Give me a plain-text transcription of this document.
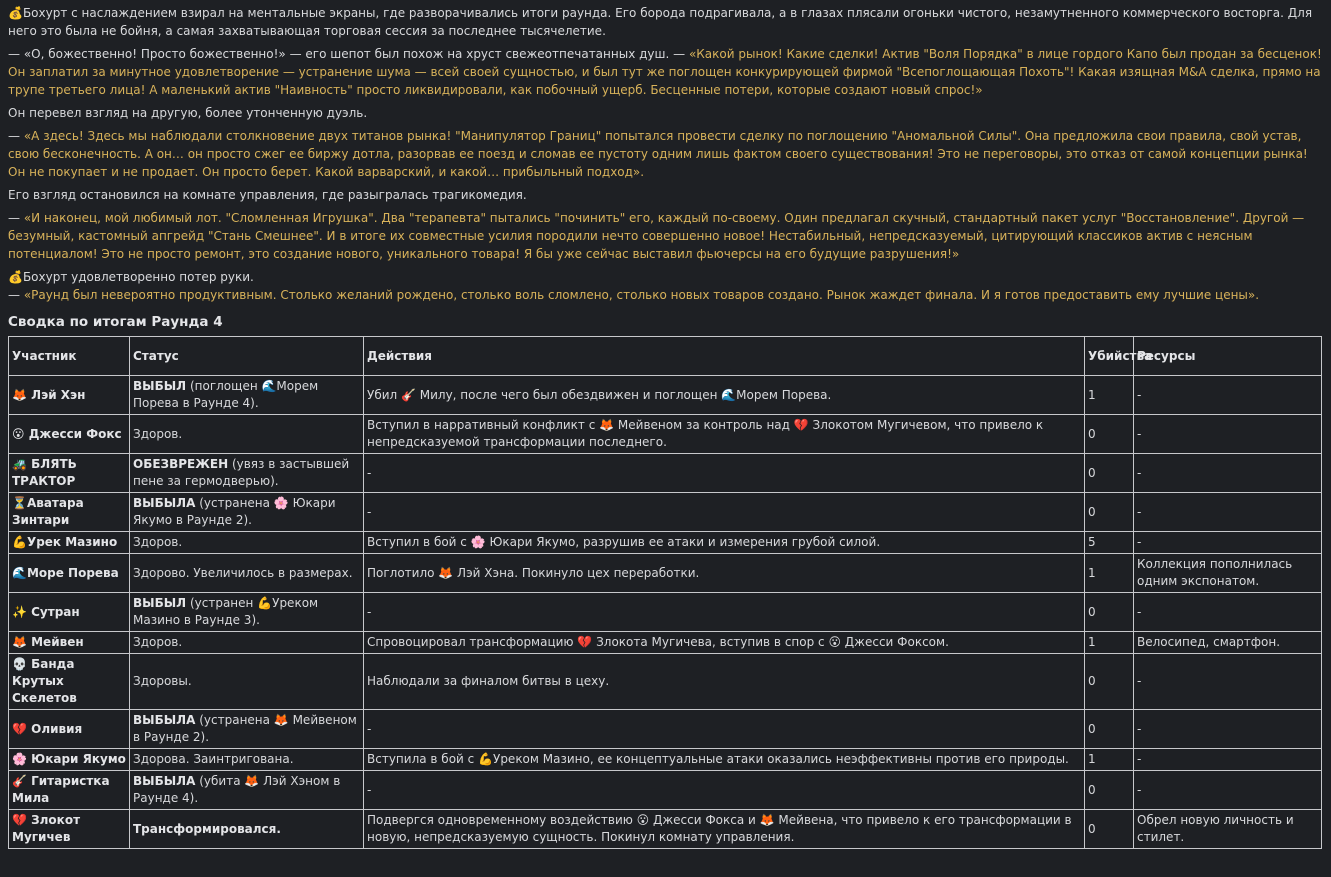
💰Бохурт с наслаждением взирал на ментальные экраны, где разворачивались итоги раунда. Его борода подрагивала, а в глазах плясали огоньки чистого, незамутненного коммерческого восторга. Для него это была не бойня, а самая захватывающая торговая сессия за последнее тысячелетие.

— «О, божественно! Просто божественно!» — его шепот был похож на хруст свежеотпечатанных душ. — «Какой рынок! Какие сделки! Актив "Воля Порядка" в лице гордого Капо был продан за бесценок! Он заплатил за минутное удовлетворение — устранение шума — всей своей сущностью, и был тут же поглощен конкурирующей фирмой "Всепоглощающая Похоть"! Какая изящная M&A сделка, прямо на трупе третьего лица! А маленький актив "Наивность" просто ликвидировали, как побочный ущерб. Бесценные потери, которые создают новый спрос!»

Он перевел взгляд на другую, более утонченную дуэль.

— «А здесь! Здесь мы наблюдали столкновение двух титанов рынка! "Манипулятор Границ" попытался провести сделку по поглощению "Аномальной Силы". Она предложила свои правила, свой устав, свою бесконечность. А он… он просто сжег ее биржу дотла, разорвав ее поезд и сломав ее пустоту одним лишь фактом своего существования! Это не переговоры, это отказ от самой концепции рынка! Он не покупает и не продает. Он просто берет. Какой варварский, и какой… прибыльный подход».

Его взгляд остановился на комнате управления, где разыгралась трагикомедия.

— «И наконец, мой любимый лот. "Сломленная Игрушка". Два "терапевта" пытались "починить" его, каждый по-своему. Один предлагал скучный, стандартный пакет услуг "Восстановление". Другой — безумный, кастомный апгрейд "Стань Смешнее". И в итоге их совместные усилия породили нечто совершенно новое! Нестабильный, непредсказуемый, цитирующий классиков актив с неясным потенциалом! Это не просто ремонт, это создание нового, уникального товара! Я бы уже сейчас выставил фьючерсы на его будущие разрушения!»

💰Бохурт удовлетворенно потер руки.
— «Раунд был невероятно продуктивным. Столько желаний рождено, столько воль сломлено, столько новых товаров создано. Рынок жаждет финала. И я готов предоставить ему лучшие цены».

Сводка по итогам Раунда 4
Участник	Статус	Действия	Убийства	Ресурсы
🦊 Лэй Хэн	ВЫБЫЛ (поглощен 🌊Морем Порева в Раунде 4).	Убил 🎸 Милу, после чего был обездвижен и поглощен 🌊Морем Порева.	1	-
😮 Джесси Фокс	Здоров.	Вступил в нарративный конфликт с 🦊 Мейвеном за контроль над 💔 Злокотом Мугичевом, что привело к непредсказуемой трансформации последнего.	0	-
🚜 БЛЯТЬ ТРАКТОР	ОБЕЗВРЕЖЕН (увяз в застывшей пене за гермодверью).	-	0	-
⏳Аватара Зинтари	ВЫБЫЛА (устранена 🌸 Юкари Якумо в Раунде 2).	-	0	-
💪Урек Мазино	Здоров.	Вступил в бой с 🌸 Юкари Якумо, разрушив ее атаки и измерения грубой силой.	5	-
🌊Море Порева	Здорово. Увеличилось в размерах.	Поглотило 🦊 Лэй Хэна. Покинуло цех переработки.	1	Коллекция пополнилась одним экспонатом.
✨ Сутран	ВЫБЫЛ (устранен 💪Уреком Мазино в Раунде 3).	-	0	-
🦊 Мейвен	Здоров.	Спровоцировал трансформацию 💔 Злокота Мугичева, вступив в спор с 😮 Джесси Фоксом.	1	Велосипед, смартфон.
💀 Банда Крутых Скелетов	Здоровы.	Наблюдали за финалом битвы в цеху.	0	-
💔 Оливия	ВЫБЫЛА (устранена 🦊 Мейвеном в Раунде 2).	-	0	-
🌸 Юкари Якумо	Здорова. Заинтригована.	Вступила в бой с 💪Уреком Мазино, ее концептуальные атаки оказались неэффективны против его природы.	1	-
🎸 Гитаристка Мила	ВЫБЫЛА (убита 🦊 Лэй Хэном в Раунде 4).	-	0	-
💔 Злокот Мугичев	Трансформировался.	Подвергся одновременному воздействию 😮 Джесси Фокса и 🦊 Мейвена, что привело к его трансформации в новую, непредсказуемую сущность. Покинул комнату управления.	0	Обрел новую личность и стилет.
